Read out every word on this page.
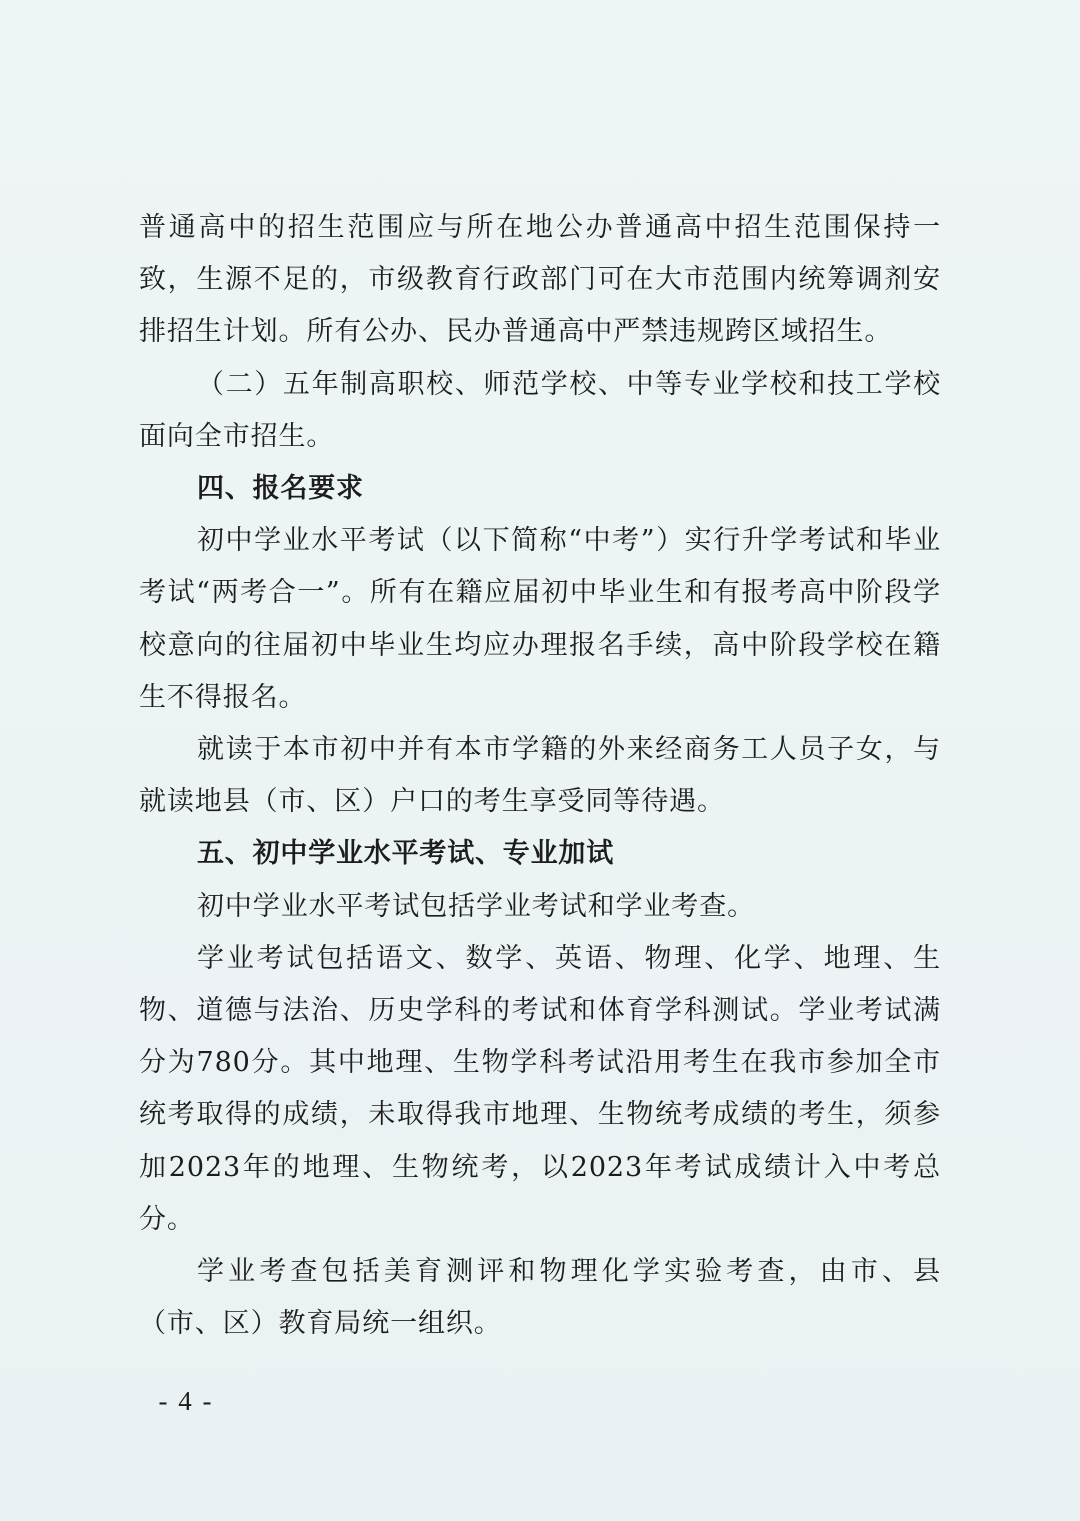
普通高中的招生范围应与所在地公办普通高中招生范围保持一致，生源不足的，市级教育行政部门可在大市范围内统筹调剂安排招生计划。所有公办、民办普通高中严禁违规跨区域招生。

（二）五年制高职校、师范学校、中等专业学校和技工学校面向全市招生。

四、报名要求

初中学业水平考试（以下简称“中考”）实行升学考试和毕业考试“两考合一”。所有在籍应届初中毕业生和有报考高中阶段学校意向的往届初中毕业生均应办理报名手续，高中阶段学校在籍生不得报名。

就读于本市初中并有本市学籍的外来经商务工人员子女，与就读地县（市、区）户口的考生享受同等待遇。

五、初中学业水平考试、专业加试

初中学业水平考试包括学业考试和学业考查。

学业考试包括语文、数学、英语、物理、化学、地理、生物、道德与法治、历史学科的考试和体育学科测试。学业考试满分为780分。其中地理、生物学科考试沿用考生在我市参加全市统考取得的成绩，未取得我市地理、生物统考成绩的考生，须参加2023年的地理、生物统考，以2023年考试成绩计入中考总分。

学业考查包括美育测评和物理化学实验考查，由市、县（市、区）教育局统一组织。

- 4 -
